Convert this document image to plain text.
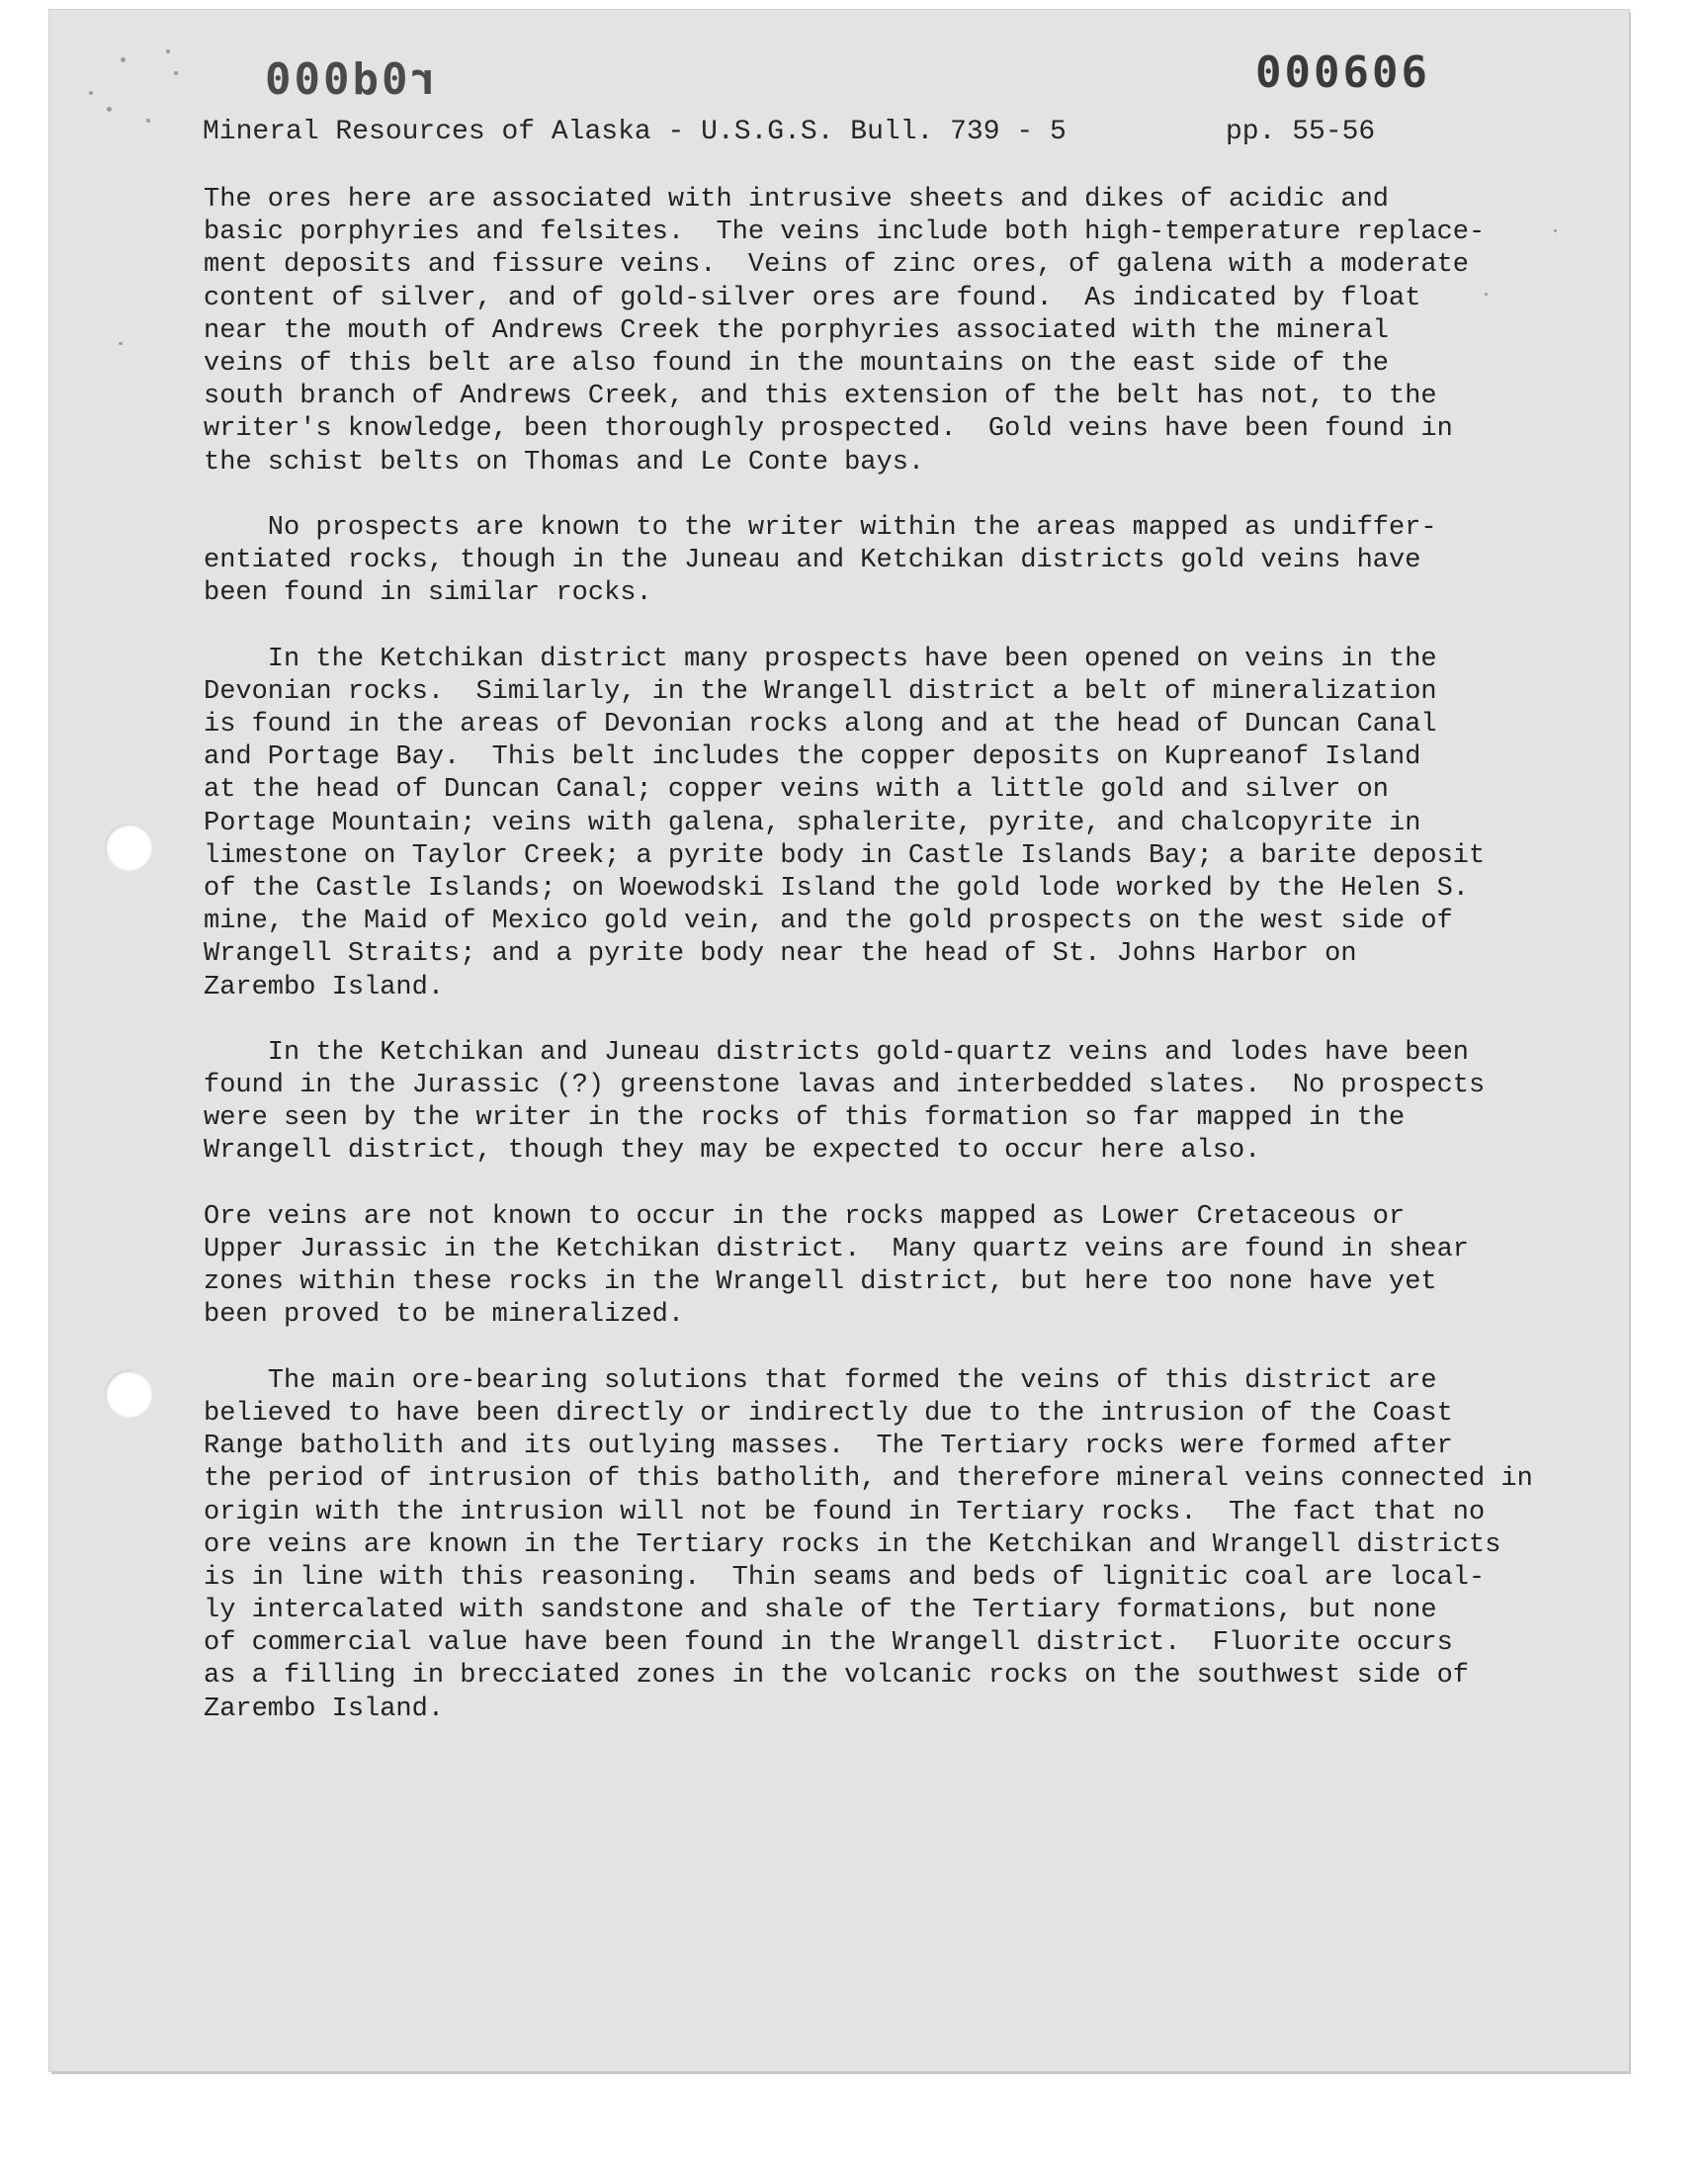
r0d000	000606

Mineral Resources of Alaska - U.S.G.S. Bull. 739 - 5

	pp. 55-56

The ores here are associated with intrusive sheets and dikes of acidic and
basic porphyries and felsites.  The veins include both high-temperature replace-
ment deposits and fissure veins.  Veins of zinc ores, of galena with a moderate
content of silver, and of gold-silver ores are found.  As indicated by float
near the mouth of Andrews Creek the porphyries associated with the mineral
veins of this belt are also found in the mountains on the east side of the
south branch of Andrews Creek, and this extension of the belt has not, to the
writer's knowledge, been thoroughly prospected.  Gold veins have been found in
the schist belts on Thomas and Le Conte bays.
No prospects are known to the writer within the areas mapped as undiffer-
entiated rocks, though in the Juneau and Ketchikan districts gold veins have
been found in similar rocks.
In the Ketchikan district many prospects have been opened on veins in the
Devonian rocks.  Similarly, in the Wrangell district a belt of mineralization
is found in the areas of Devonian rocks along and at the head of Duncan Canal
and Portage Bay.  This belt includes the copper deposits on Kupreanof Island
at the head of Duncan Canal; copper veins with a little gold and silver on
Portage Mountain; veins with galena, sphalerite, pyrite, and chalcopyrite in
limestone on Taylor Creek; a pyrite body in Castle Islands Bay; a barite deposit
of the Castle Islands; on Woewodski Island the gold lode worked by the Helen S.
mine, the Maid of Mexico gold vein, and the gold prospects on the west side of
Wrangell Straits; and a pyrite body near the head of St. Johns Harbor on
Zarembo Island.
In the Ketchikan and Juneau districts gold-quartz veins and lodes have been
found in the Jurassic (?) greenstone lavas and interbedded slates.  No prospects
were seen by the writer in the rocks of this formation so far mapped in the
Wrangell district, though they may be expected to occur here also.
Ore veins are not known to occur in the rocks mapped as Lower Cretaceous or
Upper Jurassic in the Ketchikan district.  Many quartz veins are found in shear
zones within these rocks in the Wrangell district, but here too none have yet
been proved to be mineralized.
The main ore-bearing solutions that formed the veins of this district are
believed to have been directly or indirectly due to the intrusion of the Coast
Range batholith and its outlying masses.  The Tertiary rocks were formed after
the period of intrusion of this batholith, and therefore mineral veins connected in
origin with the intrusion will not be found in Tertiary rocks.  The fact that no
ore veins are known in the Tertiary rocks in the Ketchikan and Wrangell districts
is in line with this reasoning.  Thin seams and beds of lignitic coal are local-
ly intercalated with sandstone and shale of the Tertiary formations, but none
of commercial value have been found in the Wrangell district.  Fluorite occurs
as a filling in brecciated zones in the volcanic rocks on the southwest side of
Zarembo Island.
